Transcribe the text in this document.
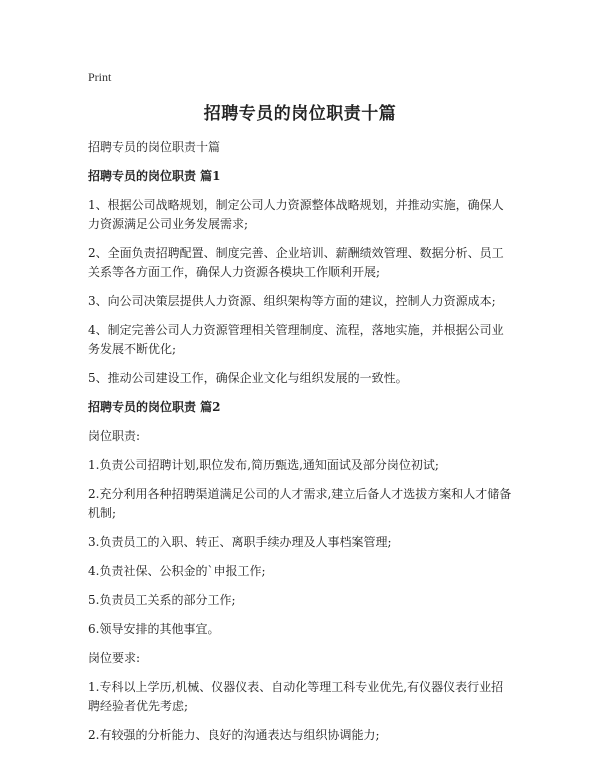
Print
招聘专员的岗位职责十篇
招聘专员的岗位职责十篇
招聘专员的岗位职责 篇1
1、根据公司战略规划，制定公司人力资源整体战略规划，并推动实施，确保人力资源满足公司业务发展需求;
2、全面负责招聘配置、制度完善、企业培训、薪酬绩效管理、数据分析、员工关系等各方面工作，确保人力资源各模块工作顺利开展;
3、向公司决策层提供人力资源、组织架构等方面的建议，控制人力资源成本;
4、制定完善公司人力资源管理相关管理制度、流程，落地实施，并根据公司业务发展不断优化;
5、推动公司建设工作，确保企业文化与组织发展的一致性。
招聘专员的岗位职责 篇2
岗位职责:
1.负责公司招聘计划,职位发布,简历甄选,通知面试及部分岗位初试;
2.充分利用各种招聘渠道满足公司的人才需求,建立后备人才选拔方案和人才储备机制;
3.负责员工的入职、转正、离职手续办理及人事档案管理;
4.负责社保、公积金的`申报工作;
5.负责员工关系的部分工作;
6.领导安排的其他事宜。
岗位要求:
1.专科以上学历,机械、仪器仪表、自动化等理工科专业优先,有仪器仪表行业招聘经验者优先考虑;
2.有较强的分析能力、良好的沟通表达与组织协调能力;
